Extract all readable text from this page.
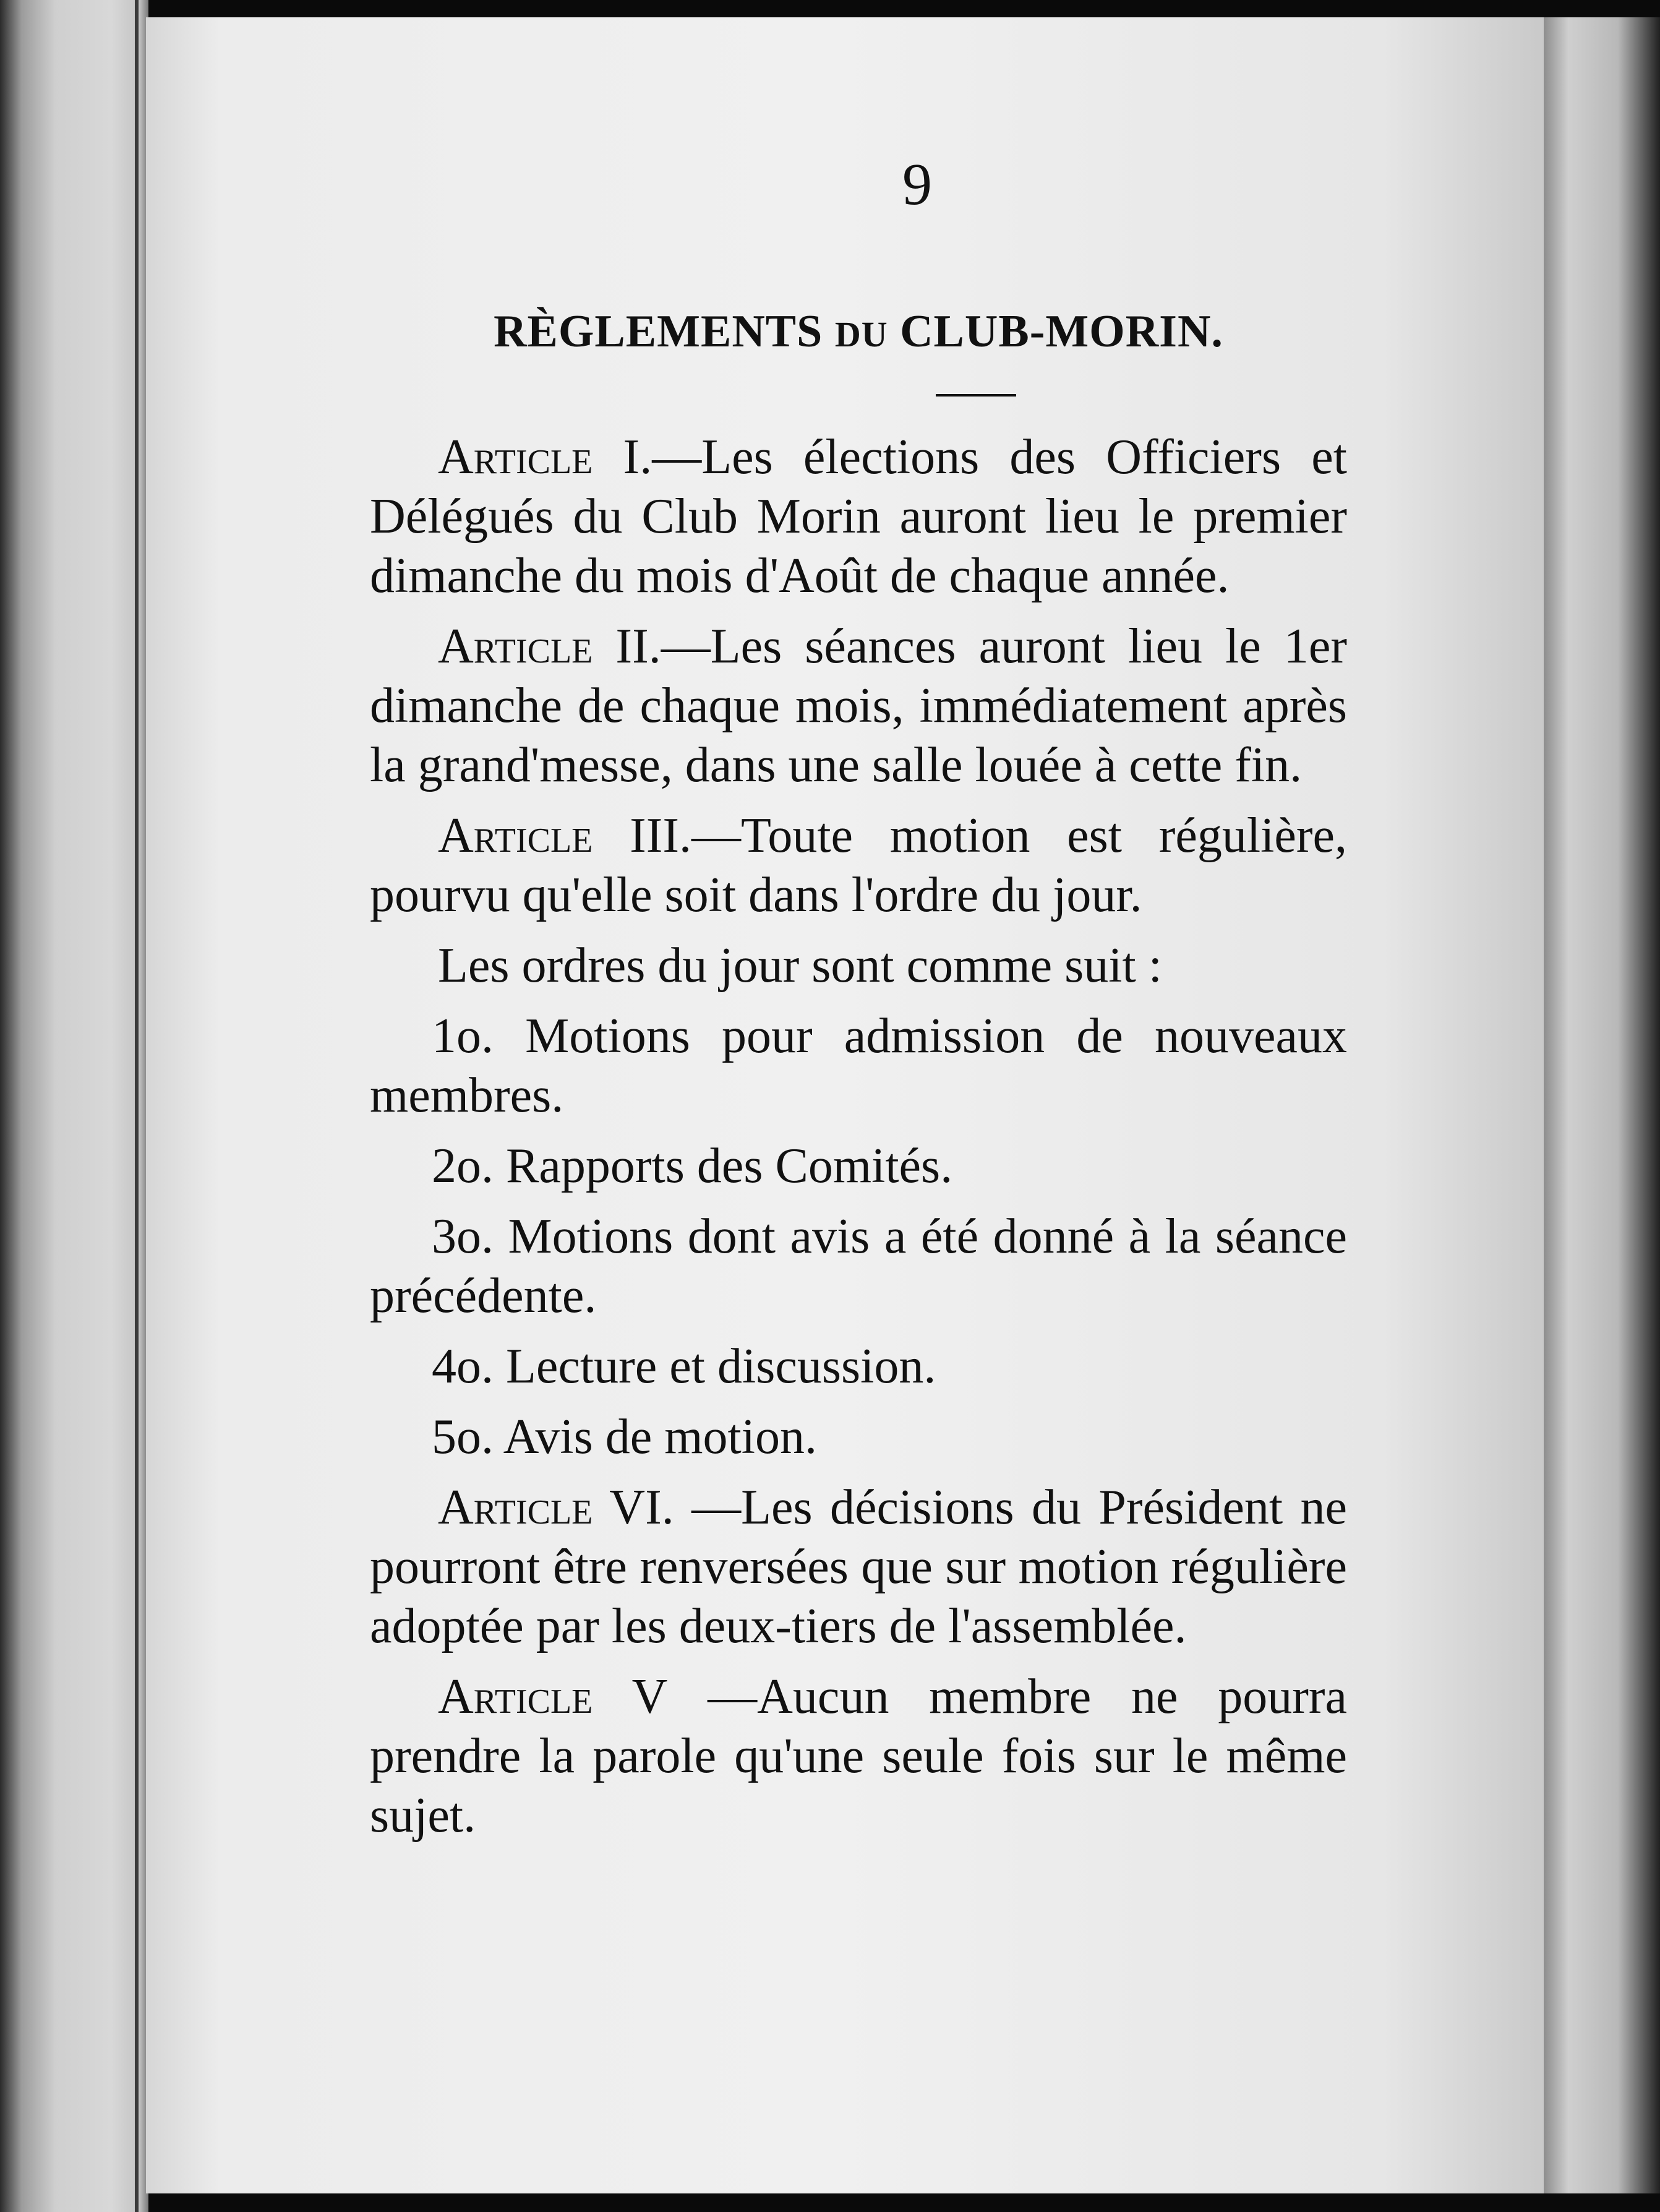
9
RÈGLEMENTS DU CLUB-MORIN.

Article I.—Les élections des Officiers et Délégués du Club Morin auront lieu le premier dimanche du mois d'Août de chaque année.

Article II.—Les séances auront lieu le 1er dimanche de chaque mois, immédiatement après la grand'messe, dans une salle louée à cette fin.

Article III.—Toute motion est régulière, pourvu qu'elle soit dans l'ordre du jour.

Les ordres du jour sont comme suit :

1o. Motions pour admission de nouveaux membres.

2o. Rapports des Comités.

3o. Motions dont avis a été donné à la séance précédente.

4o. Lecture et discussion.

5o. Avis de motion.

Article VI. —Les décisions du Président ne pourront être renversées que sur motion régulière adoptée par les deux-tiers de l'assemblée.

Article V —Aucun membre ne pourra prendre la parole qu'une seule fois sur le même sujet.
